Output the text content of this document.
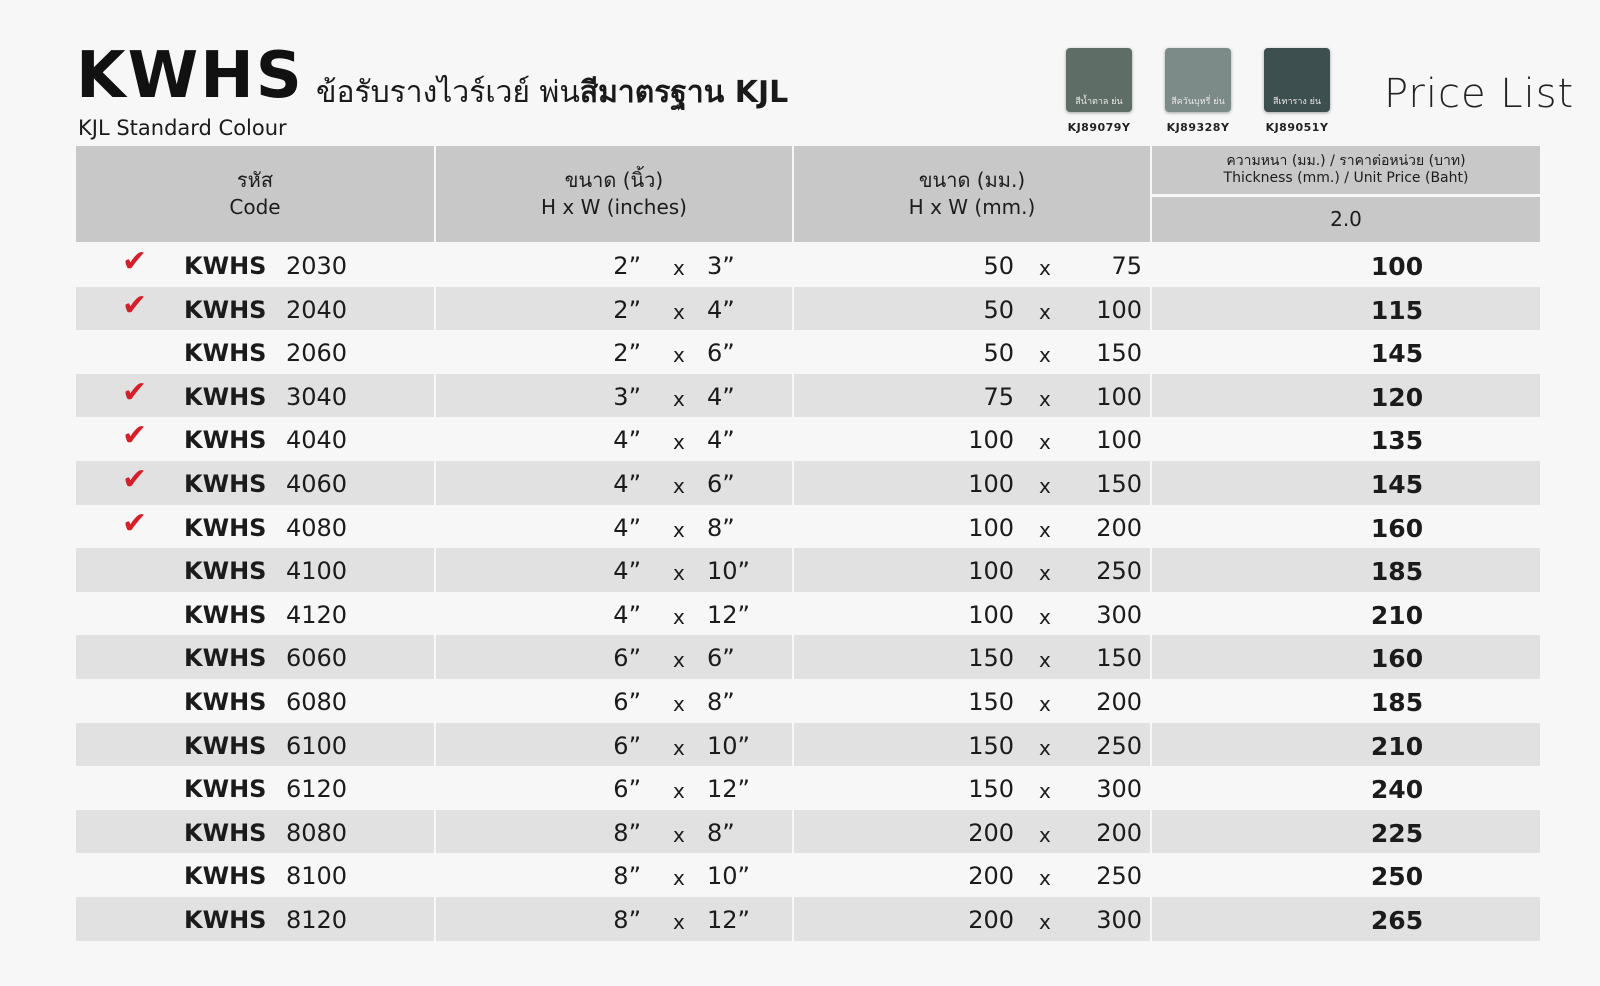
KWHS ข้อรับรางไวร์เวย์ พ่นสีมาตรฐาน KJL
KJL Standard Colour
สีน้ำตาล ย่น	สีควันบุหรี่ ย่น	สีเทาราง ย่น
KJ89079Y	KJ89328Y	KJ89051Y
Price List
รหัส
Code
ขนาด (นิ้ว)
H x W (inches)
ขนาด (มม.)
H x W (mm.)
ความหนา (มม.) / ราคาต่อหน่วย (บาท)
Thickness (mm.) / Unit Price (Baht)
2.0
✔ KWHS 2030	2” x 3”	50 x	75	100
✔ KWHS 2040	2” x 4”	50 x	100	115
KWHS 2060	2” x 6”	50 x	150	145
✔ KWHS 3040	3” x 4”	75 x	100	120
✔ KWHS 4040	4” x 4”	100 x	100	135
✔ KWHS 4060	4” x 6”	100 x	150	145
✔ KWHS 4080	4” x 8”	100 x	200	160
KWHS 4100	4” x 10”	100 x	250	185
KWHS 4120	4” x 12”	100 x	300	210
KWHS 6060	6” x 6”	150 x	150	160
KWHS 6080	6” x 8”	150 x	200	185
KWHS 6100	6” x 10”	150 x	250	210
KWHS 6120	6” x 12”	150 x	300	240
KWHS 8080	8” x 8”	200 x	200	225
KWHS 8100	8” x 10”	200 x	250	250
KWHS 8120	8” x 12”	200 x	300	265
